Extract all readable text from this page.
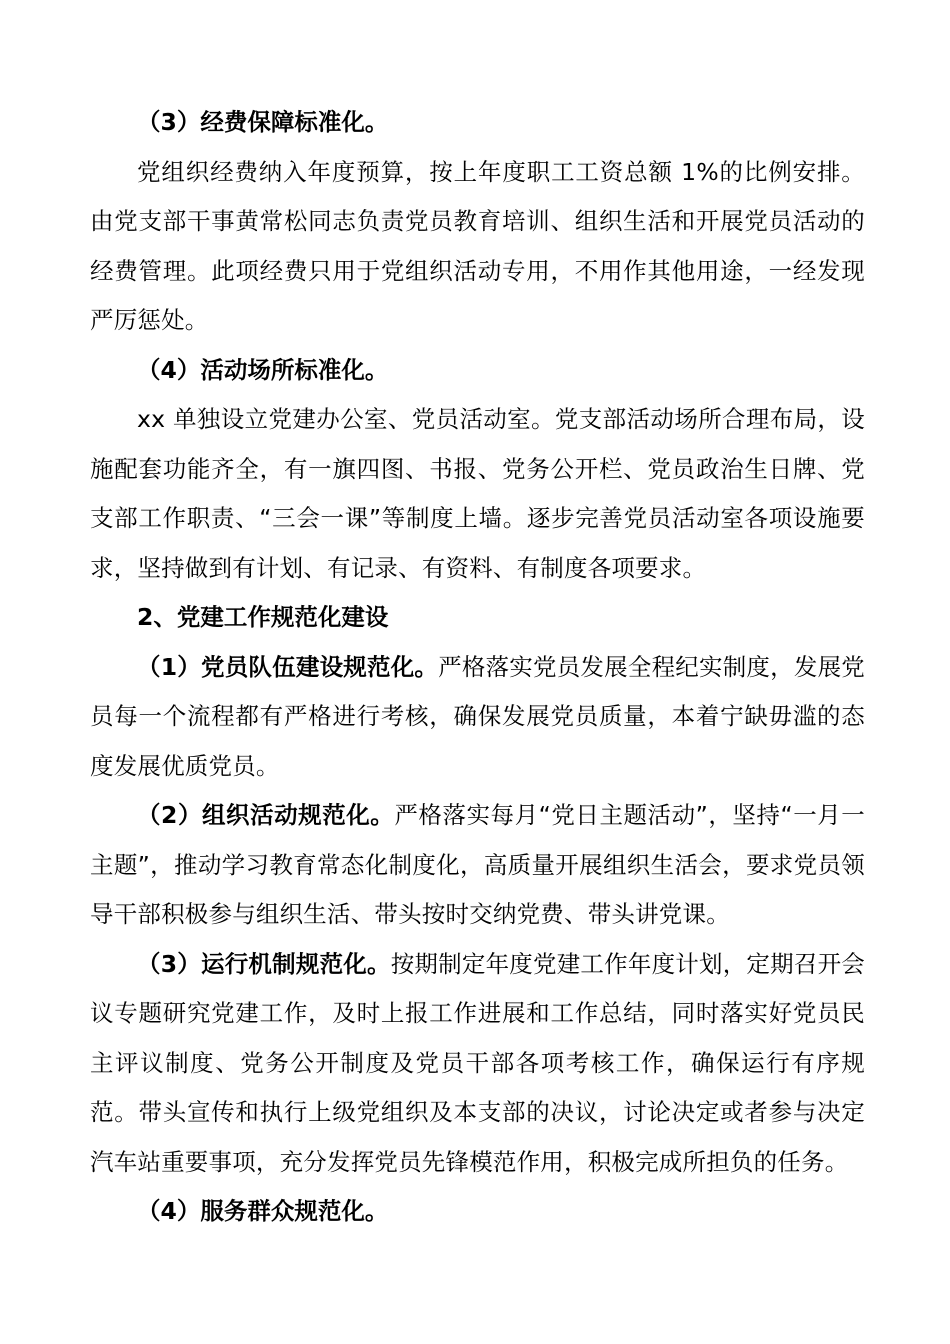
（3）经费保障标准化。

党组织经费纳入年度预算，按上年度职工工资总额 1%的比例安排。由党支部干事黄常松同志负责党员教育培训、组织生活和开展党员活动的经费管理。此项经费只用于党组织活动专用，不用作其他用途，一经发现严厉惩处。

（4）活动场所标准化。

xx 单独设立党建办公室、党员活动室。党支部活动场所合理布局，设施配套功能齐全，有一旗四图、书报、党务公开栏、党员政治生日牌、党支部工作职责、“三会一课”等制度上墙。逐步完善党员活动室各项设施要求，坚持做到有计划、有记录、有资料、有制度各项要求。

2、党建工作规范化建设

（1）党员队伍建设规范化。严格落实党员发展全程纪实制度，发展党员每一个流程都有严格进行考核，确保发展党员质量，本着宁缺毋滥的态度发展优质党员。

（2）组织活动规范化。严格落实每月“党日主题活动”，坚持“一月一主题”，推动学习教育常态化制度化，高质量开展组织生活会，要求党员领导干部积极参与组织生活、带头按时交纳党费、带头讲党课。

（3）运行机制规范化。按期制定年度党建工作年度计划，定期召开会议专题研究党建工作，及时上报工作进展和工作总结，同时落实好党员民主评议制度、党务公开制度及党员干部各项考核工作，确保运行有序规范。带头宣传和执行上级党组织及本支部的决议，讨论决定或者参与决定汽车站重要事项，充分发挥党员先锋模范作用，积极完成所担负的任务。

（4）服务群众规范化。
